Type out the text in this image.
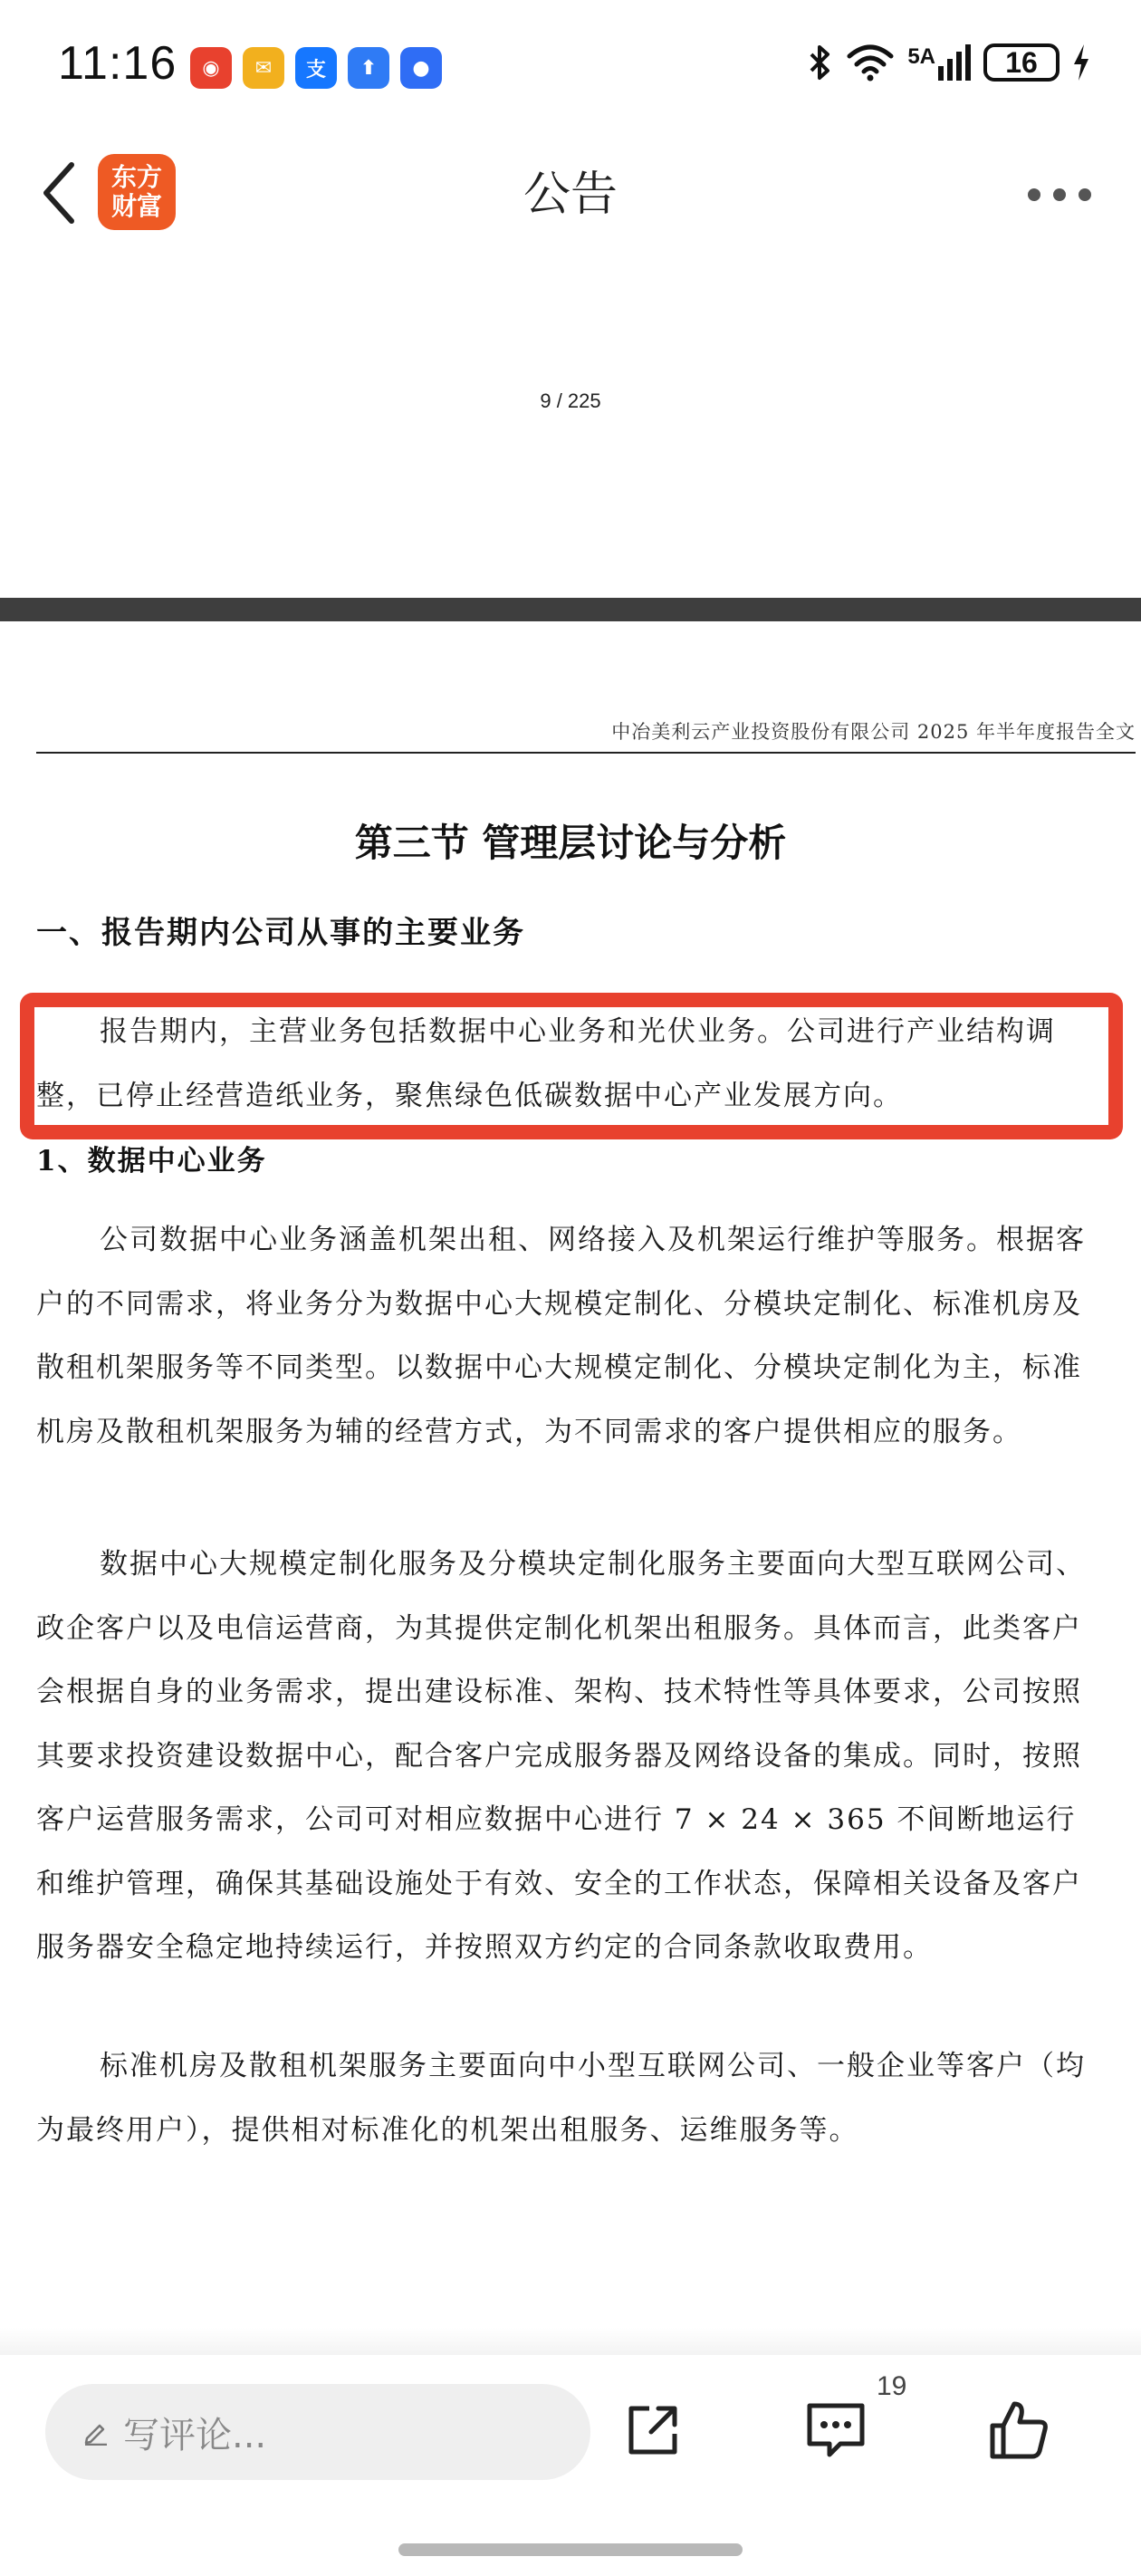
11:16	◉	✉	支	⬆	●	5A	16
东方
财富	公告
9 / 225
中冶美利云产业投资股份有限公司 2025 年半年度报告全文
第三节 管理层讨论与分析
一、报告期内公司从事的主要业务
报告期内，主营业务包括数据中心业务和光伏业务。公司进行产业结构调整，已停止经营造纸业务，聚焦绿色低碳数据中心产业发展方向。
1、数据中心业务
公司数据中心业务涵盖机架出租、网络接入及机架运行维护等服务。根据客户的不同需求，将业务分为数据中心大规模定制化、分模块定制化、标准机房及散租机架服务等不同类型。以数据中心大规模定制化、分模块定制化为主，标准机房及散租机架服务为辅的经营方式，为不同需求的客户提供相应的服务。
数据中心大规模定制化服务及分模块定制化服务主要面向大型互联网公司、政企客户以及电信运营商，为其提供定制化机架出租服务。具体而言，此类客户会根据自身的业务需求，提出建设标准、架构、技术特性等具体要求，公司按照其要求投资建设数据中心，配合客户完成服务器及网络设备的集成。同时，按照客户运营服务需求，公司可对相应数据中心进行 7 × 24 × 365 不间断地运行和维护管理，确保其基础设施处于有效、安全的工作状态，保障相关设备及客户服务器安全稳定地持续运行，并按照双方约定的合同条款收取费用。
标准机房及散租机架服务主要面向中小型互联网公司、一般企业等客户（均为最终用户），提供相对标准化的机架出租服务、运维服务等。
写评论...
19
